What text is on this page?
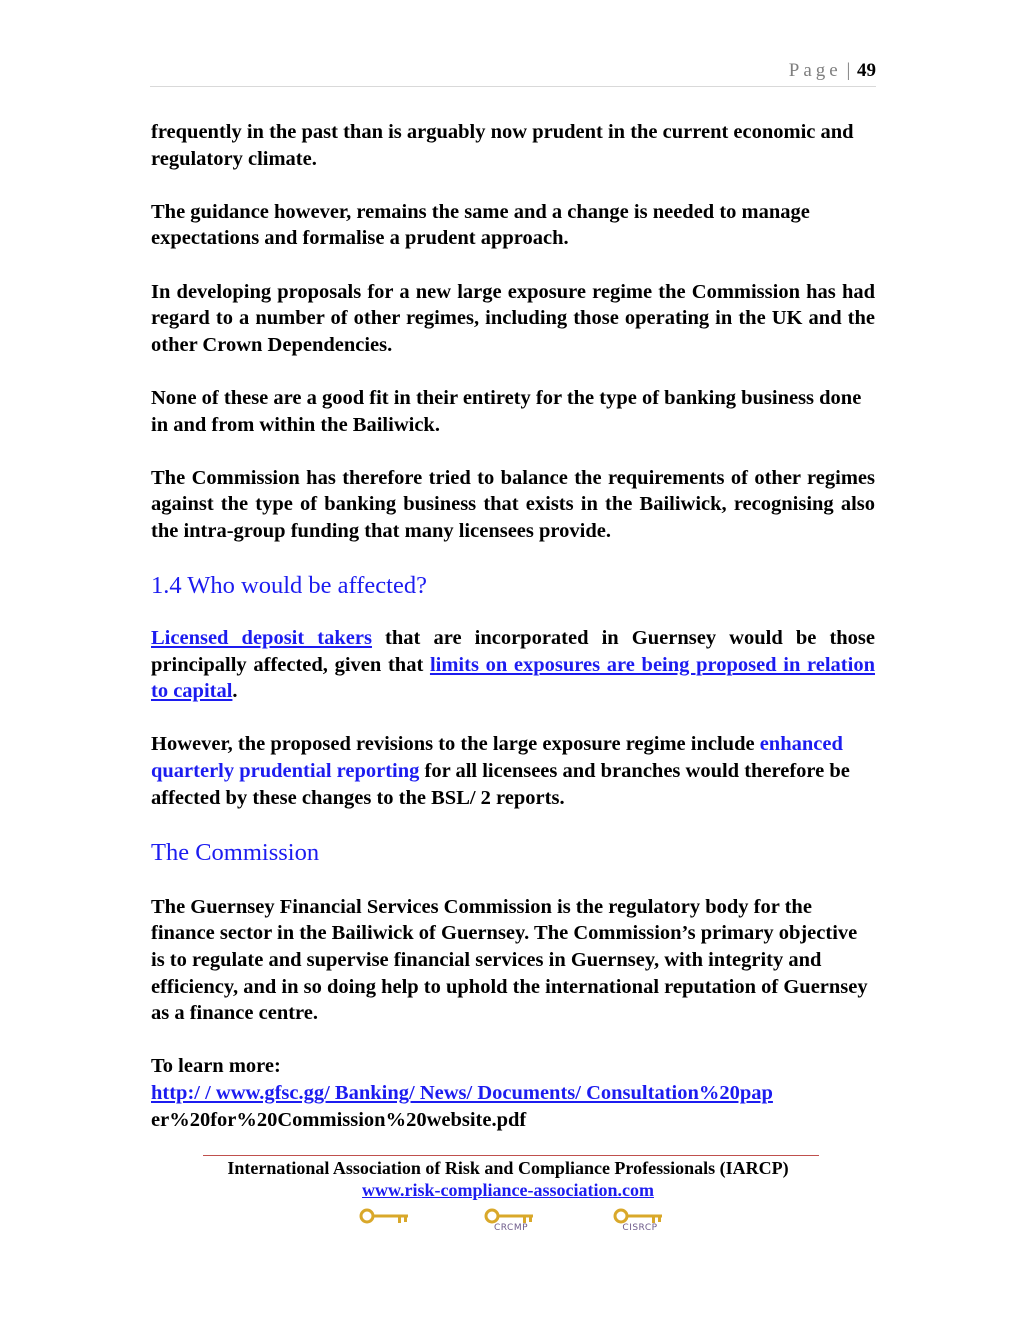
Page | 49

frequently in the past than is arguably now prudent in the current economic and regulatory climate.

The guidance however, remains the same and a change is needed to manage expectations and formalise a prudent approach.

In developing proposals for a new large exposure regime the Commission has had regard to a number of other regimes, including those operating in the UK and the other Crown Dependencies.

None of these are a good fit in their entirety for the type of banking business done in and from within the Bailiwick.

The Commission has therefore tried to balance the requirements of other regimes against the type of banking business that exists in the Bailiwick, recognising also the intra-group funding that many licensees provide.

1.4 Who would be affected?

Licensed deposit takers that are incorporated in Guernsey would be those principally affected, given that limits on exposures are being proposed in relation to capital.

However, the proposed revisions to the large exposure regime include enhanced quarterly prudential reporting for all licensees and branches would therefore be affected by these changes to the BSL/ 2 reports.

The Commission

The Guernsey Financial Services Commission is the regulatory body for the finance sector in the Bailiwick of Guernsey. The Commission’s primary objective is to regulate and supervise financial services in Guernsey, with integrity and efficiency, and in so doing help to uphold the international reputation of Guernsey as a finance centre.

To learn more:
http:/ / www.gfsc.gg/ Banking/ News/ Documents/ Consultation%20pap
er%20for%20Commission%20website.pdf

International Association of Risk and Compliance Professionals (IARCP)
www.risk-compliance-association.com
CRCMP	CISRCP
